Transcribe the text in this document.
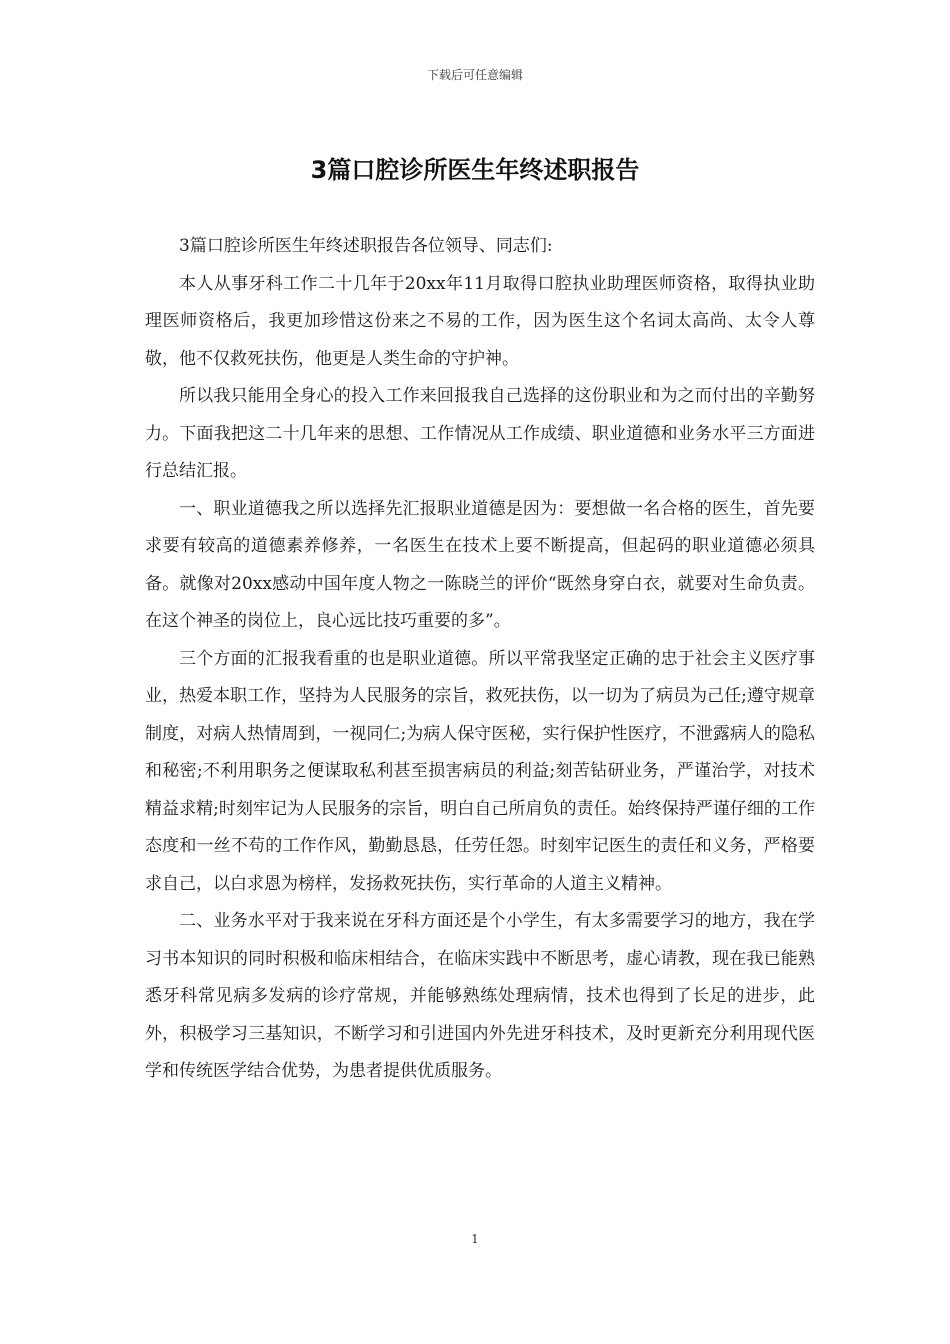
下载后可任意编辑
3篇口腔诊所医生年终述职报告

3篇口腔诊所医生年终述职报告各位领导、同志们:

本人从事牙科工作二十几年于20xx年11月取得口腔执业助理医师资格，取得执业助理医师资格后，我更加珍惜这份来之不易的工作，因为医生这个名词太高尚、太令人尊敬，他不仅救死扶伤，他更是人类生命的守护神。

所以我只能用全身心的投入工作来回报我自己选择的这份职业和为之而付出的辛勤努力。下面我把这二十几年来的思想、工作情况从工作成绩、职业道德和业务水平三方面进行总结汇报。

一、职业道德我之所以选择先汇报职业道德是因为：要想做一名合格的医生，首先要求要有较高的道德素养修养，一名医生在技术上要不断提高，但起码的职业道德必须具备。就像对20xx感动中国年度人物之一陈晓兰的评价“既然身穿白衣，就要对生命负责。在这个神圣的岗位上，良心远比技巧重要的多”。

三个方面的汇报我看重的也是职业道德。所以平常我坚定正确的忠于社会主义医疗事业，热爱本职工作，坚持为人民服务的宗旨，救死扶伤，以一切为了病员为己任;遵守规章制度，对病人热情周到，一视同仁;为病人保守医秘，实行保护性医疗，不泄露病人的隐私和秘密;不利用职务之便谋取私利甚至损害病员的利益;刻苦钻研业务，严谨治学，对技术精益求精;时刻牢记为人民服务的宗旨，明白自己所肩负的责任。始终保持严谨仔细的工作态度和一丝不苟的工作作风，勤勤恳恳，任劳任怨。时刻牢记医生的责任和义务，严格要求自己，以白求恩为榜样，发扬救死扶伤，实行革命的人道主义精神。

二、业务水平对于我来说在牙科方面还是个小学生，有太多需要学习的地方，我在学习书本知识的同时积极和临床相结合，在临床实践中不断思考，虚心请教，现在我已能熟悉牙科常见病多发病的诊疗常规，并能够熟练处理病情，技术也得到了长足的进步，此外，积极学习三基知识，不断学习和引进国内外先进牙科技术，及时更新充分利用现代医学和传统医学结合优势，为患者提供优质服务。

1
